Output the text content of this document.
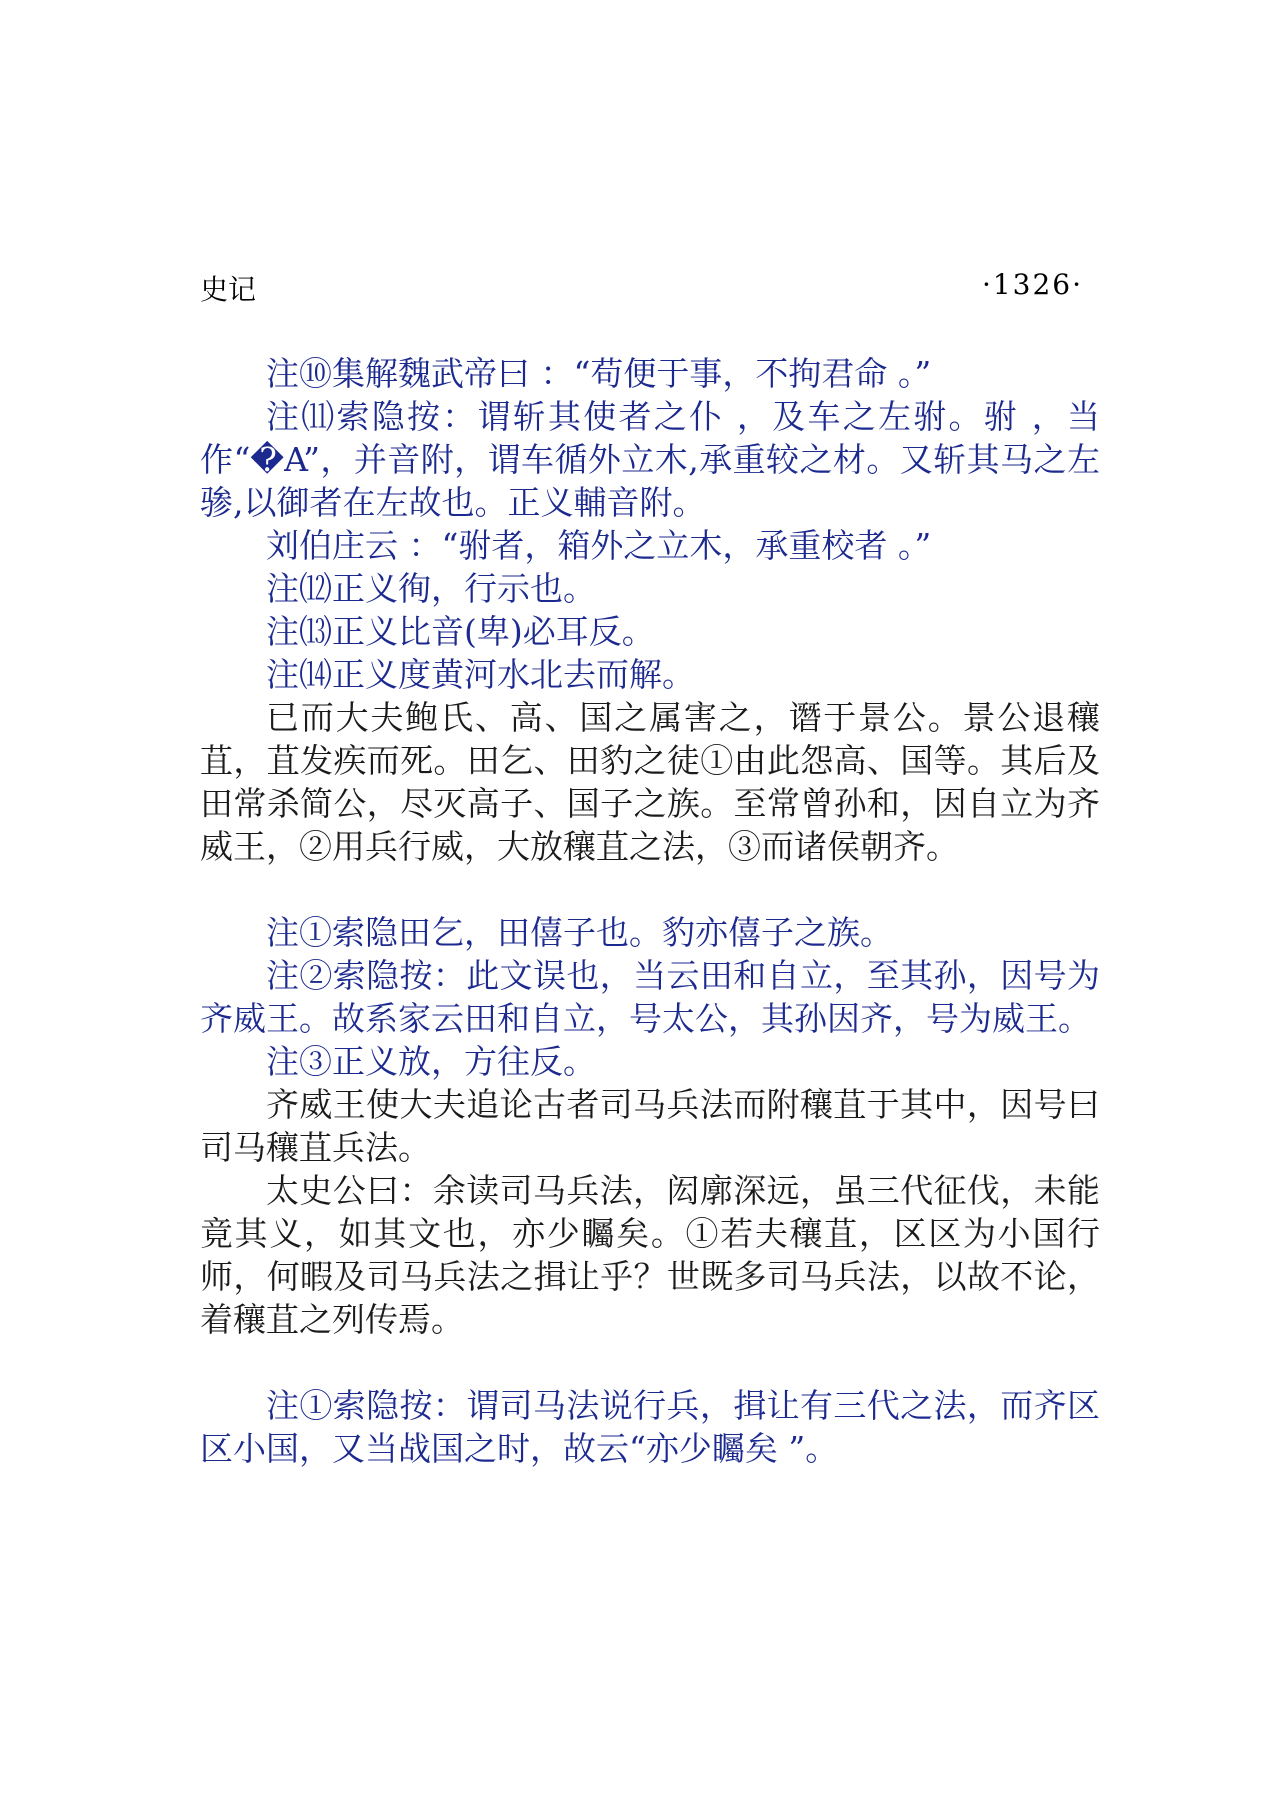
史记	·1326·

注⑩集解魏武帝曰 ：“苟便于事，不拘君命 。”

注⑾索隐按：谓斩其使者之仆 ，及车之左驸。驸 ，当作“�A”，并音附，谓车循外立木,承重较之材。又斩其马之左骖,以御者在左故也。正义輔音附。

刘伯庄云 ：“驸者，箱外之立木，承重校者 。”

注⑿正义徇，行示也。

注⒀正义比音(卑)必耳反。

注⒁正义度黄河水北去而解。

已而大夫鲍氏、高、国之属害之，谮于景公。景公退穰苴，苴发疾而死。田乞、田豹之徒①由此怨高、国等。其后及田常杀简公，尽灭高子、国子之族。至常曾孙和，因自立为齐威王，②用兵行威，大放穰苴之法，③而诸侯朝齐。

注①索隐田乞，田僖子也。豹亦僖子之族。

注②索隐按：此文误也，当云田和自立，至其孙，因号为齐威王。故系家云田和自立，号太公，其孙因齐，号为威王。

注③正义放，方往反。

齐威王使大夫追论古者司马兵法而附穰苴于其中，因号曰司马穰苴兵法。

太史公曰：余读司马兵法，闳廓深远，虽三代征伐，未能竟其义，如其文也，亦少矚矣。①若夫穰苴，区区为小国行师，何暇及司马兵法之揖让乎？世既多司马兵法，以故不论，着穰苴之列传焉。

注①索隐按：谓司马法说行兵，揖让有三代之法，而齐区区小国，又当战国之时，故云“亦少矚矣 ”。
